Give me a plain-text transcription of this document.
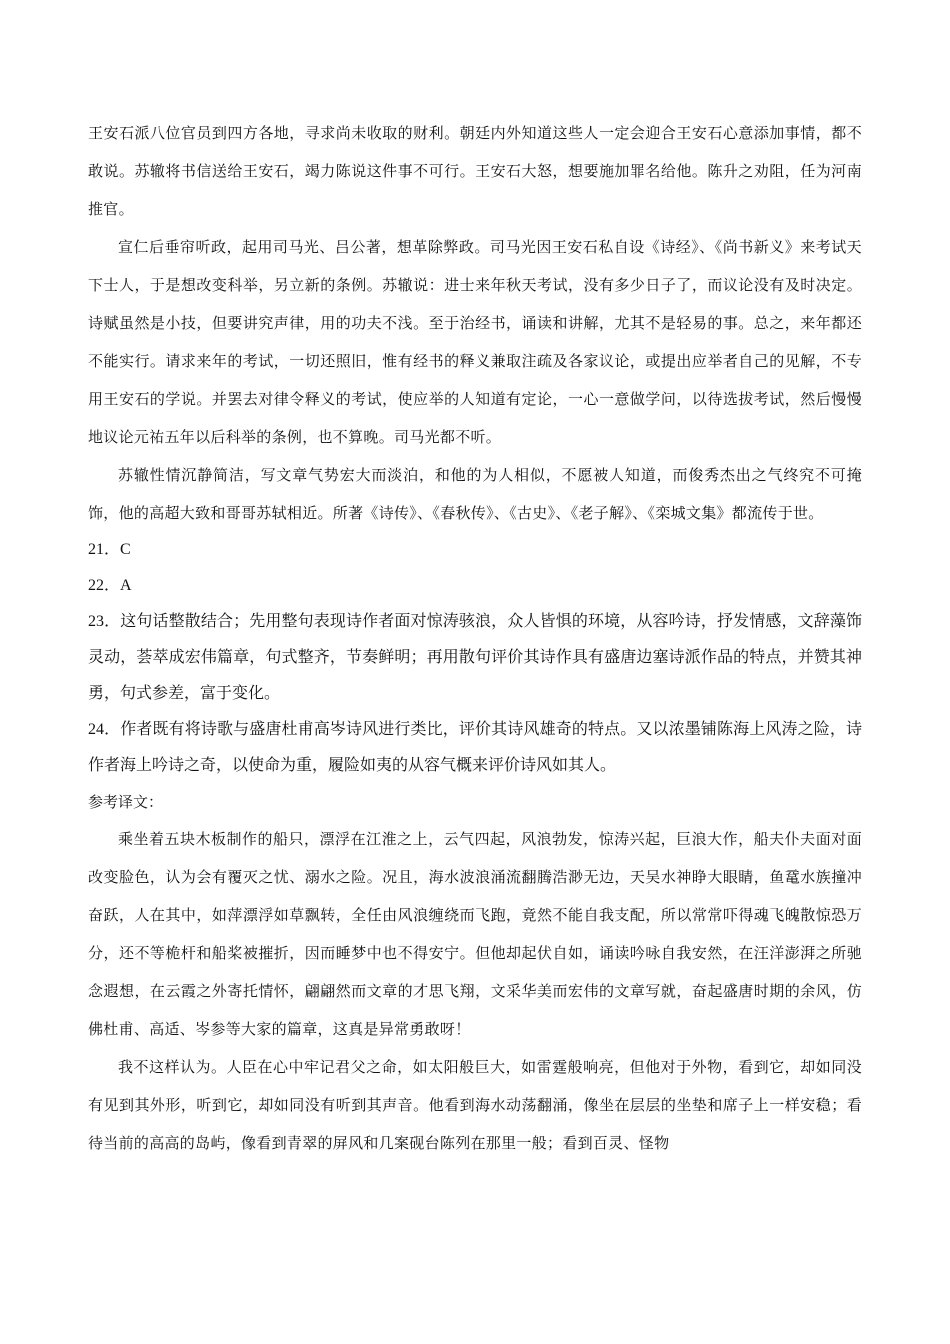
王安石派八位官员到四方各地，寻求尚未收取的财利。朝廷内外知道这些人一定会迎合王安石心意添加事情，都不敢说。苏辙将书信送给王安石，竭力陈说这件事不可行。王安石大怒，想要施加罪名给他。陈升之劝阻，任为河南推官。

宣仁后垂帘听政，起用司马光、吕公著，想革除弊政。司马光因王安石私自设《诗经》、《尚书新义》来考试天下士人，于是想改变科举，另立新的条例。苏辙说：进士来年秋天考试，没有多少日子了，而议论没有及时决定。诗赋虽然是小技，但要讲究声律，用的功夫不浅。至于治经书，诵读和讲解，尤其不是轻易的事。总之，来年都还不能实行。请求来年的考试，一切还照旧，惟有经书的释义兼取注疏及各家议论，或提出应举者自己的见解，不专用王安石的学说。并罢去对律令释义的考试，使应举的人知道有定论，一心一意做学问，以待选拔考试，然后慢慢地议论元祐五年以后科举的条例，也不算晚。司马光都不听。

苏辙性情沉静简洁，写文章气势宏大而淡泊，和他的为人相似，不愿被人知道，而俊秀杰出之气终究不可掩饰，他的高超大致和哥哥苏轼相近。所著《诗传》、《春秋传》、《古史》、《老子解》、《栾城文集》都流传于世。

21．C

22．A

23．这句话整散结合；先用整句表现诗作者面对惊涛骇浪，众人皆惧的环境，从容吟诗，抒发情感，文辞藻饰灵动，荟萃成宏伟篇章，句式整齐，节奏鲜明；再用散句评价其诗作具有盛唐边塞诗派作品的特点，并赞其神勇，句式参差，富于变化。

24．作者既有将诗歌与盛唐杜甫高岑诗风进行类比，评价其诗风雄奇的特点。又以浓墨铺陈海上风涛之险，诗作者海上吟诗之奇，以使命为重，履险如夷的从容气概来评价诗风如其人。

参考译文：

乘坐着五块木板制作的船只，漂浮在江淮之上，云气四起，风浪勃发，惊涛兴起，巨浪大作，船夫仆夫面对面改变脸色，认为会有覆灭之忧、溺水之险。况且，海水波浪涌流翻腾浩渺无边，天吴水神睁大眼睛，鱼鼋水族撞冲奋跃，人在其中，如萍漂浮如草飘转，全任由风浪缠绕而飞跑，竟然不能自我支配，所以常常吓得魂飞魄散惊恐万分，还不等桅杆和船桨被摧折，因而睡梦中也不得安宁。但他却起伏自如，诵读吟咏自我安然，在汪洋澎湃之所驰念遐想，在云霞之外寄托情怀，翩翩然而文章的才思飞翔，文采华美而宏伟的文章写就，奋起盛唐时期的余风，仿佛杜甫、高适、岑参等大家的篇章，这真是异常勇敢呀！

我不这样认为。人臣在心中牢记君父之命，如太阳般巨大，如雷霆般响亮，但他对于外物，看到它，却如同没有见到其外形，听到它，却如同没有听到其声音。他看到海水动荡翻涌，像坐在层层的坐垫和席子上一样安稳；看待当前的高高的岛屿，像看到青翠的屏风和几案砚台陈列在那里一般；看到百灵、怪物
